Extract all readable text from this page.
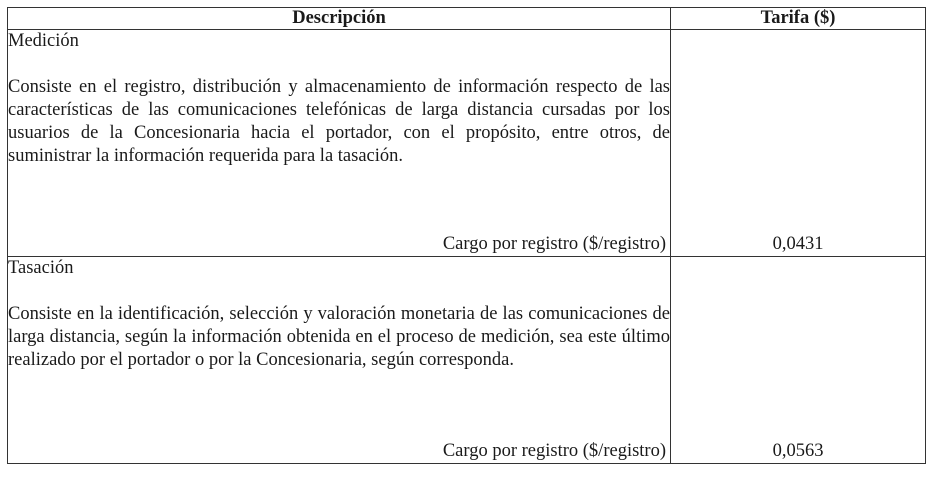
Descripción	Tarifa ($)

Medición
Consiste en el registro, distribución y almacenamiento de información respecto de las características de las comunicaciones telefónicas de larga distancia cursadas por los usuarios de la Concesionaria hacia el portador, con el propósito, entre otros, de suministrar la información requerida para la tasación.
Cargo por registro ($/registro)	0,0431

Tasación
Consiste en la identificación, selección y valoración monetaria de las comunicaciones de larga distancia, según la información obtenida en el proceso de medición, sea este último realizado por el portador o por la Concesionaria, según corresponda.
Cargo por registro ($/registro)	0,0563
